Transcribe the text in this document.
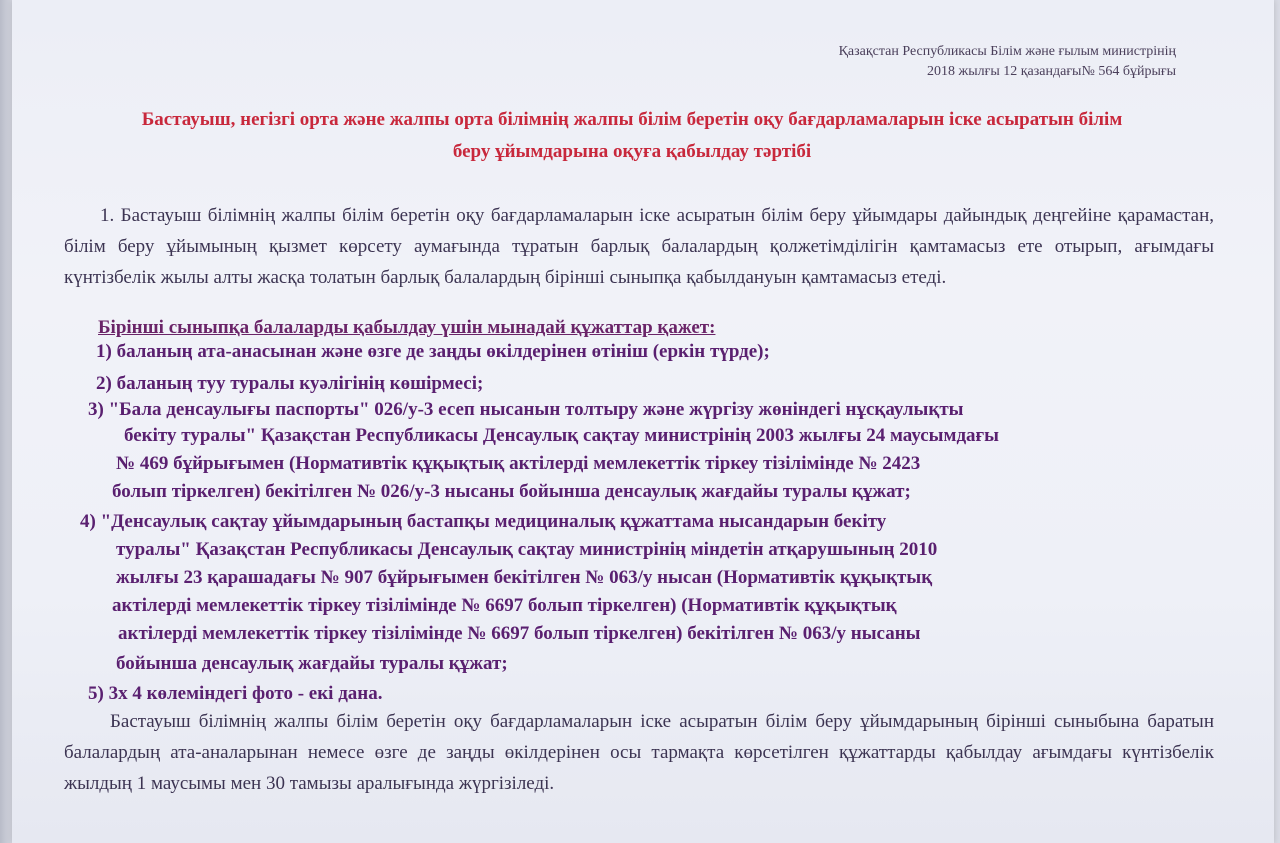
Қазақстан Республикасы Білім және ғылым министрінің
2018 жылғы 12 қазандағы№ 564 бұйрығы
Бастауыш, негізгі орта және жалпы орта білімнің жалпы білім беретін оқу бағдарламаларын іске асыратын білім
беру ұйымдарына оқуға қабылдау тәртібі
1. Бастауыш білімнің жалпы білім беретін оқу бағдарламаларын іске асыратын білім беру ұйымдары дайындық деңгейіне қарамастан, білім беру ұйымының қызмет көрсету аумағында тұратын барлық балалардың қолжетімділігін қамтамасыз ете отырып, ағымдағы күнтізбелік жылы алты жасқа толатын барлық балалардың бірінші сыныпқа қабылдануын қамтамасыз етеді.
Бірінші сыныпқа балаларды қабылдау үшін мынадай құжаттар қажет:
1) баланың ата-анасынан және өзге де заңды өкілдерінен өтініш (еркін түрде);
2) баланың туу туралы куәлігінің көшірмесі;
3) "Бала денсаулығы паспорты" 026/у-3 есеп нысанын толтыру және жүргізу жөніндегі нұсқаулықты
бекіту туралы" Қазақстан Республикасы Денсаулық сақтау министрінің 2003 жылғы 24 маусымдағы
№ 469 бұйрығымен (Нормативтік құқықтық актілерді мемлекеттік тіркеу тізілімінде № 2423
болып тіркелген) бекітілген № 026/у-3 нысаны бойынша денсаулық жағдайы туралы құжат;
4) "Денсаулық сақтау ұйымдарының бастапқы медициналық құжаттама нысандарын бекіту
туралы" Қазақстан Республикасы Денсаулық сақтау министрінің міндетін атқарушының 2010
жылғы 23 қарашадағы № 907 бұйрығымен бекітілген № 063/у нысан (Нормативтік құқықтық
актілерді мемлекеттік тіркеу тізілімінде № 6697 болып тіркелген) (Нормативтік құқықтық
актілерді мемлекеттік тіркеу тізілімінде № 6697 болып тіркелген) бекітілген № 063/у нысаны
бойынша денсаулық жағдайы туралы құжат;
5) 3х 4 көлеміндегі фото - екі дана.
Бастауыш білімнің жалпы білім беретін оқу бағдарламаларын іске асыратын білім беру ұйымдарының бірінші сыныбына баратын балалардың ата-аналарынан немесе өзге де заңды өкілдерінен осы тармақта көрсетілген құжаттарды қабылдау ағымдағы күнтізбелік жылдың 1 маусымы мен 30 тамызы аралығында жүргізіледі.
